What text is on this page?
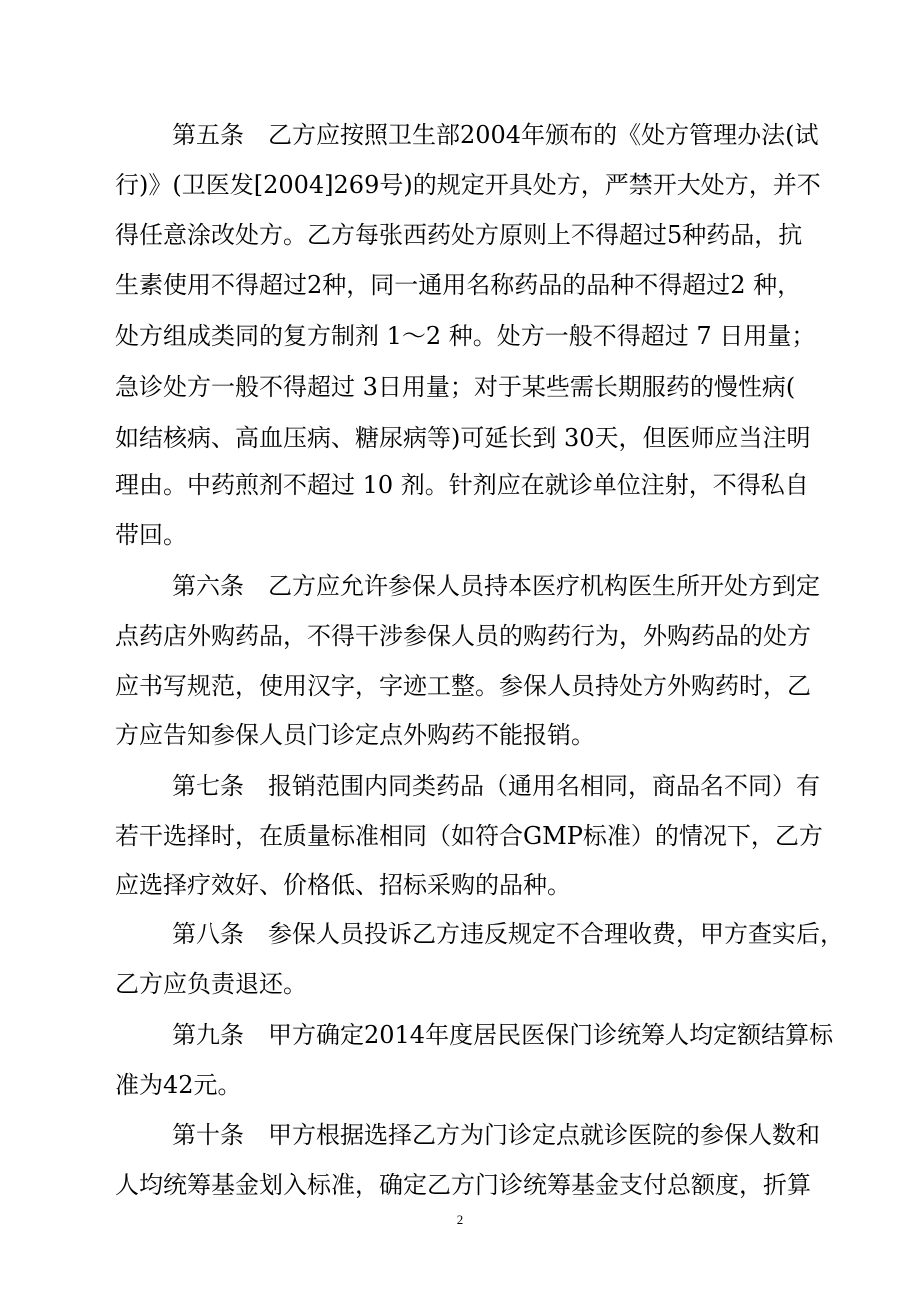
第五条　乙方应按照卫生部2004年颁布的《处方管理办法(试
行)》(卫医发[2004]269号)的规定开具处方，严禁开大处方，并不
得任意涂改处方。乙方每张西药处方原则上不得超过5种药品，抗
生素使用不得超过2种，同一通用名称药品的品种不得超过2 种，
处方组成类同的复方制剂 1～2 种。处方一般不得超过 7 日用量；
急诊处方一般不得超过 3日用量；对于某些需长期服药的慢性病(
如结核病、高血压病、糖尿病等)可延长到 30天，但医师应当注明
理由。中药煎剂不超过 10 剂。针剂应在就诊单位注射，不得私自
带回。
第六条　乙方应允许参保人员持本医疗机构医生所开处方到定
点药店外购药品，不得干涉参保人员的购药行为，外购药品的处方
应书写规范，使用汉字，字迹工整。参保人员持处方外购药时，乙
方应告知参保人员门诊定点外购药不能报销。
第七条　报销范围内同类药品（通用名相同，商品名不同）有
若干选择时，在质量标准相同（如符合GMP标准）的情况下，乙方
应选择疗效好、价格低、招标采购的品种。
第八条　参保人员投诉乙方违反规定不合理收费，甲方查实后，
乙方应负责退还。
第九条　甲方确定2014年度居民医保门诊统筹人均定额结算标
准为42元。
第十条　甲方根据选择乙方为门诊定点就诊医院的参保人数和
人均统筹基金划入标准，确定乙方门诊统筹基金支付总额度，折算
2
